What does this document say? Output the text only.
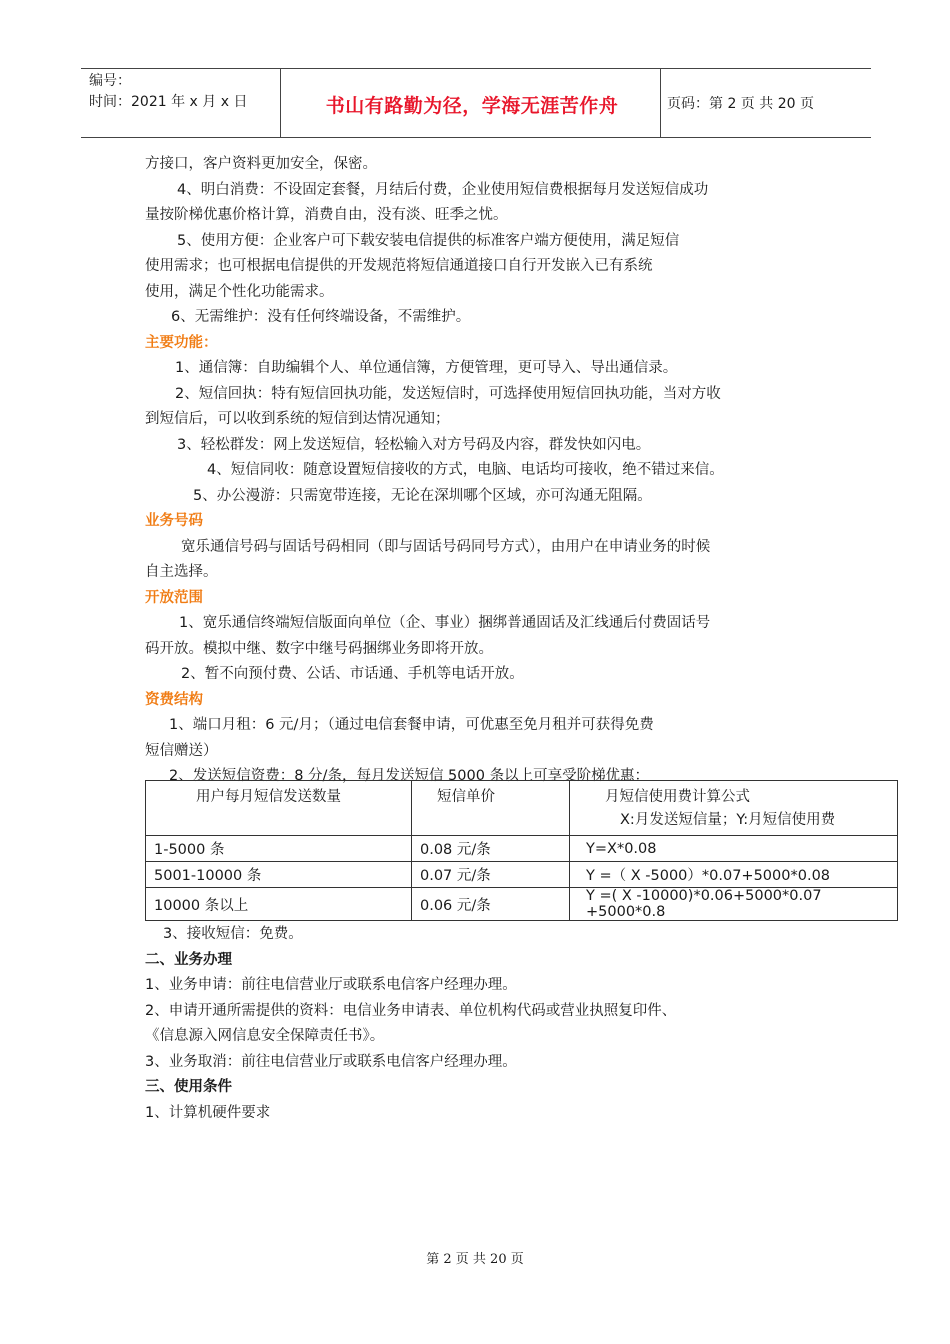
编号：
时间：2021 年 x 月 x 日	书山有路勤为径，学海无涯苦作舟	页码：第 2 页 共 20 页
方接口，客户资料更加安全，保密。
4、明白消费：不设固定套餐，月结后付费，企业使用短信费根据每月发送短信成功
量按阶梯优惠价格计算，消费自由，没有淡、旺季之忧。
5、使用方便：企业客户可下载安装电信提供的标准客户端方便使用，满足短信
使用需求；也可根据电信提供的开发规范将短信通道接口自行开发嵌入已有系统
使用，满足个性化功能需求。
6、无需维护：没有任何终端设备，不需维护。
主要功能：
1、通信簿：自助编辑个人、单位通信簿，方便管理，更可导入、导出通信录。
2、短信回执：特有短信回执功能，发送短信时，可选择使用短信回执功能，当对方收
到短信后，可以收到系统的短信到达情况通知；
3、轻松群发：网上发送短信，轻松输入对方号码及内容，群发快如闪电。
4、短信同收：随意设置短信接收的方式，电脑、电话均可接收，绝不错过来信。
5、办公漫游：只需宽带连接，无论在深圳哪个区域，亦可沟通无阻隔。
业务号码
宽乐通信号码与固话号码相同（即与固话号码同号方式），由用户在申请业务的时候
自主选择。
开放范围
1、宽乐通信终端短信版面向单位（企、事业）捆绑普通固话及汇线通后付费固话号
码开放。模拟中继、数字中继号码捆绑业务即将开放。
2、暂不向预付费、公话、市话通、手机等电话开放。
资费结构
1、端口月租：6 元/月；（通过电信套餐申请，可优惠至免月租并可获得免费
短信赠送）
2、发送短信资费：8 分/条，每月发送短信 5000 条以上可享受阶梯优惠：
用户每月短信发送数量	短信单价	月短信使用费计算公式
X:月发送短信量；Y:月短信使用费

1-5000 条	0.08 元/条	Y=X*0.08
5001-10000 条	0.07 元/条	Y =（ X -5000）*0.07+5000*0.08
10000 条以上	0.06 元/条	Y =( X -10000)*0.06+5000*0.07 +5000*0.8
3、接收短信：免费。
二、业务办理
1、业务申请：前往电信营业厅或联系电信客户经理办理。
2、申请开通所需提供的资料：电信业务申请表、单位机构代码或营业执照复印件、
《信息源入网信息安全保障责任书》。
3、业务取消：前往电信营业厅或联系电信客户经理办理。
三、使用条件
1、计算机硬件要求
第 2 页 共 20 页
